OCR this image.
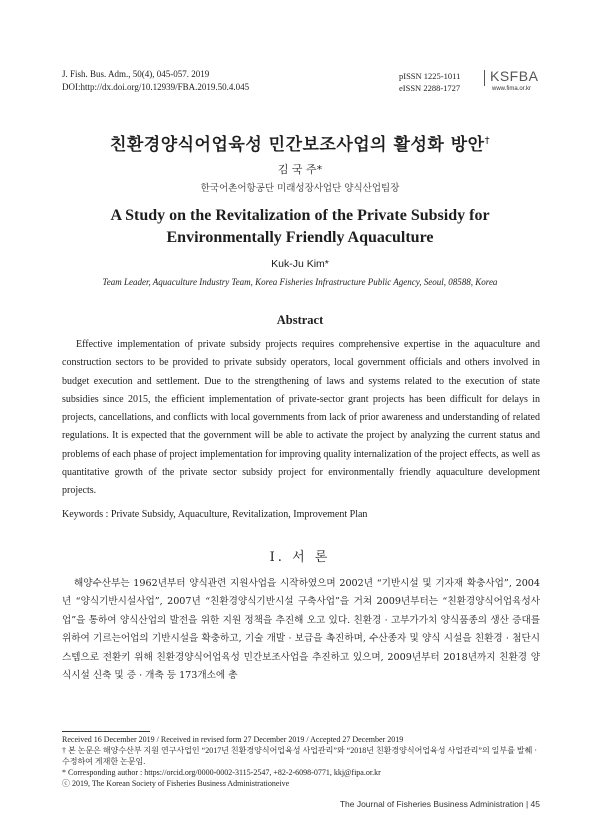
J. Fish. Bus. Adm., 50(4), 045-057. 2019
DOI:http://dx.doi.org/10.12939/FBA.2019.50.4.045
pISSN 1225-1011
eISSN 2288-1727
KSFBA
www.fima.or.kr
친환경양식어업육성 민간보조사업의 활성화 방안†
김 국 주*
한국어촌어항공단 미래성장사업단 양식산업팀장
A Study on the Revitalization of the Private Subsidy for
Environmentally Friendly Aquaculture
Kuk-Ju Kim*
Team Leader, Aquaculture Industry Team, Korea Fisheries Infrastructure Public Agency, Seoul, 08588, Korea
Abstract
Effective implementation of private subsidy projects requires comprehensive expertise in the aquaculture and construction sectors to be provided to private subsidy operators, local government officials and others involved in budget execution and settlement. Due to the strengthening of laws and systems related to the execution of state subsidies since 2015, the efficient implementation of private-sector grant projects has been difficult for delays in projects, cancellations, and conflicts with local governments from lack of prior awareness and understanding of related regulations. It is expected that the government will be able to activate the project by analyzing the current status and problems of each phase of project implementation for improving quality internalization of the project effects, as well as quantitative growth of the private sector subsidy project for environmentally friendly aquaculture development projects.
Keywords : Private Subsidy, Aquaculture, Revitalization, Improvement Plan
Ⅰ. 서 론
해양수산부는 1962년부터 양식관련 지원사업을 시작하였으며 2002년 “기반시설 및 기자재 확충사업”, 2004년 “양식기반시설사업”, 2007년 “친환경양식기반시설 구축사업”을 거쳐 2009년부터는 “친환경양식어업육성사업”을 통하여 양식산업의 발전을 위한 지원 정책을 추진해 오고 있다. 친환경 · 고부가가치 양식품종의 생산 증대를 위하여 기르는어업의 기반시설을 확충하고, 기술 개발 · 보급을 촉진하며, 수산종자 및 양식 시설을 친환경 · 첨단시스템으로 전환키 위해 친환경양식어업육성 민간보조사업을 추진하고 있으며, 2009년부터 2018년까지 친환경 양식시설 신축 및 증 · 개축 등 173개소에 총
Received 16 December 2019 / Received in revised form 27 December 2019 / Accepted 27 December 2019
† 본 논문은 해양수산부 지원 연구사업인 “2017년 친환경양식어업육성 사업관리”와 “2018년 친환경양식어업육성 사업관리”의 일부를 발췌 · 수정하여 게재한 논문임.
* Corresponding author : https://orcid.org/0000-0002-3115-2547, +82-2-6098-0771, kkj@fipa.or.kr
ⓒ 2019, The Korean Society of Fisheries Business Administrationeive
The Journal of Fisheries Business Administration | 45
